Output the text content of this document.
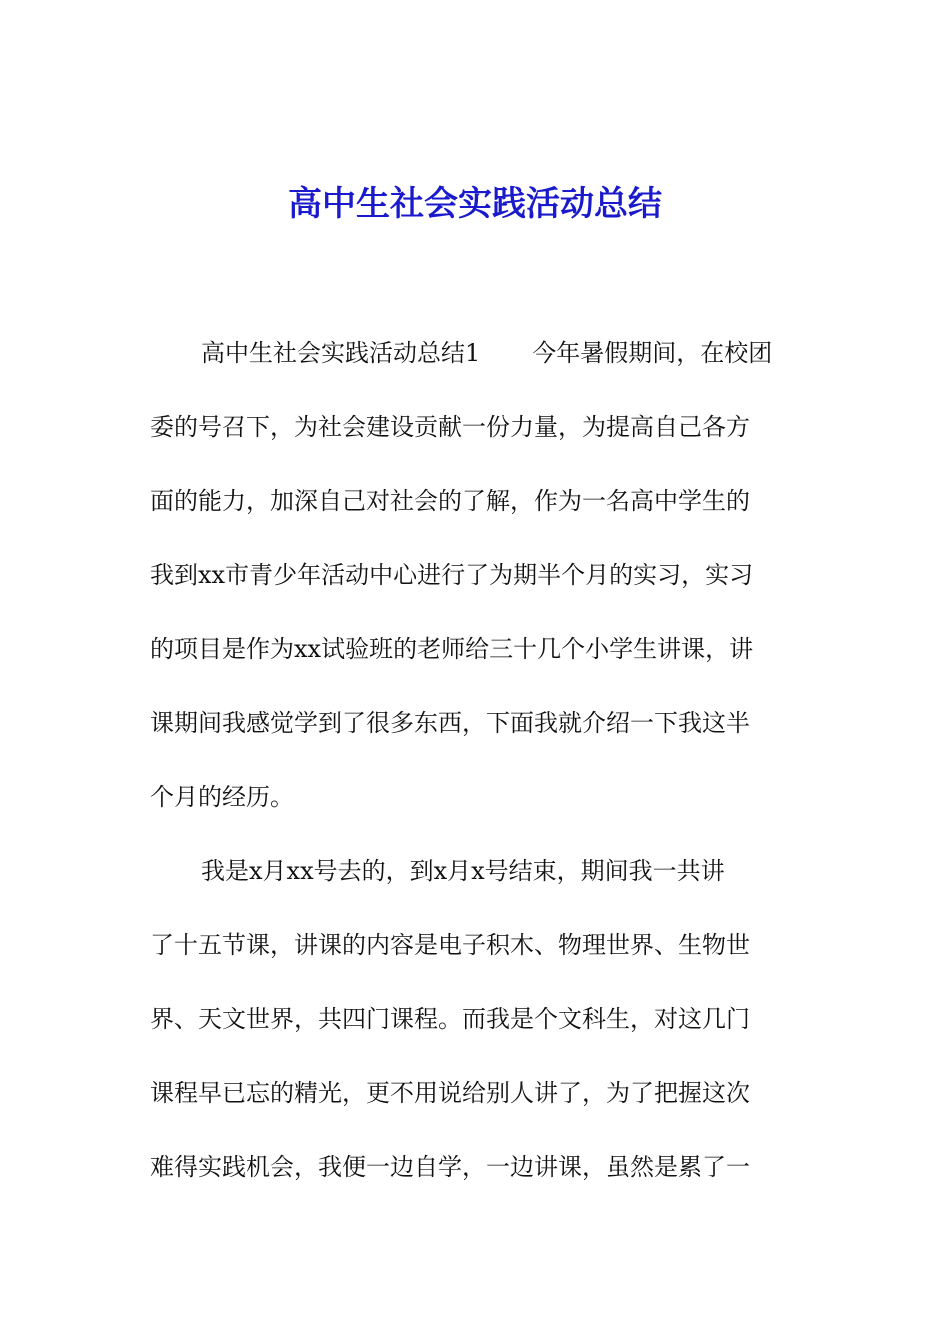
高中生社会实践活动总结
高中生社会实践活动总结1 今年暑假期间，在校团
委的号召下，为社会建设贡献一份力量，为提高自己各方
面的能力，加深自己对社会的了解，作为一名高中学生的
我到xx市青少年活动中心进行了为期半个月的实习，实习
的项目是作为xx试验班的老师给三十几个小学生讲课，讲
课期间我感觉学到了很多东西，下面我就介绍一下我这半
个月的经历。
我是x月xx号去的，到x月x号结束，期间我一共讲
了十五节课，讲课的内容是电子积木、物理世界、生物世
界、天文世界，共四门课程。而我是个文科生，对这几门
课程早已忘的精光，更不用说给别人讲了，为了把握这次
难得实践机会，我便一边自学，一边讲课，虽然是累了一
